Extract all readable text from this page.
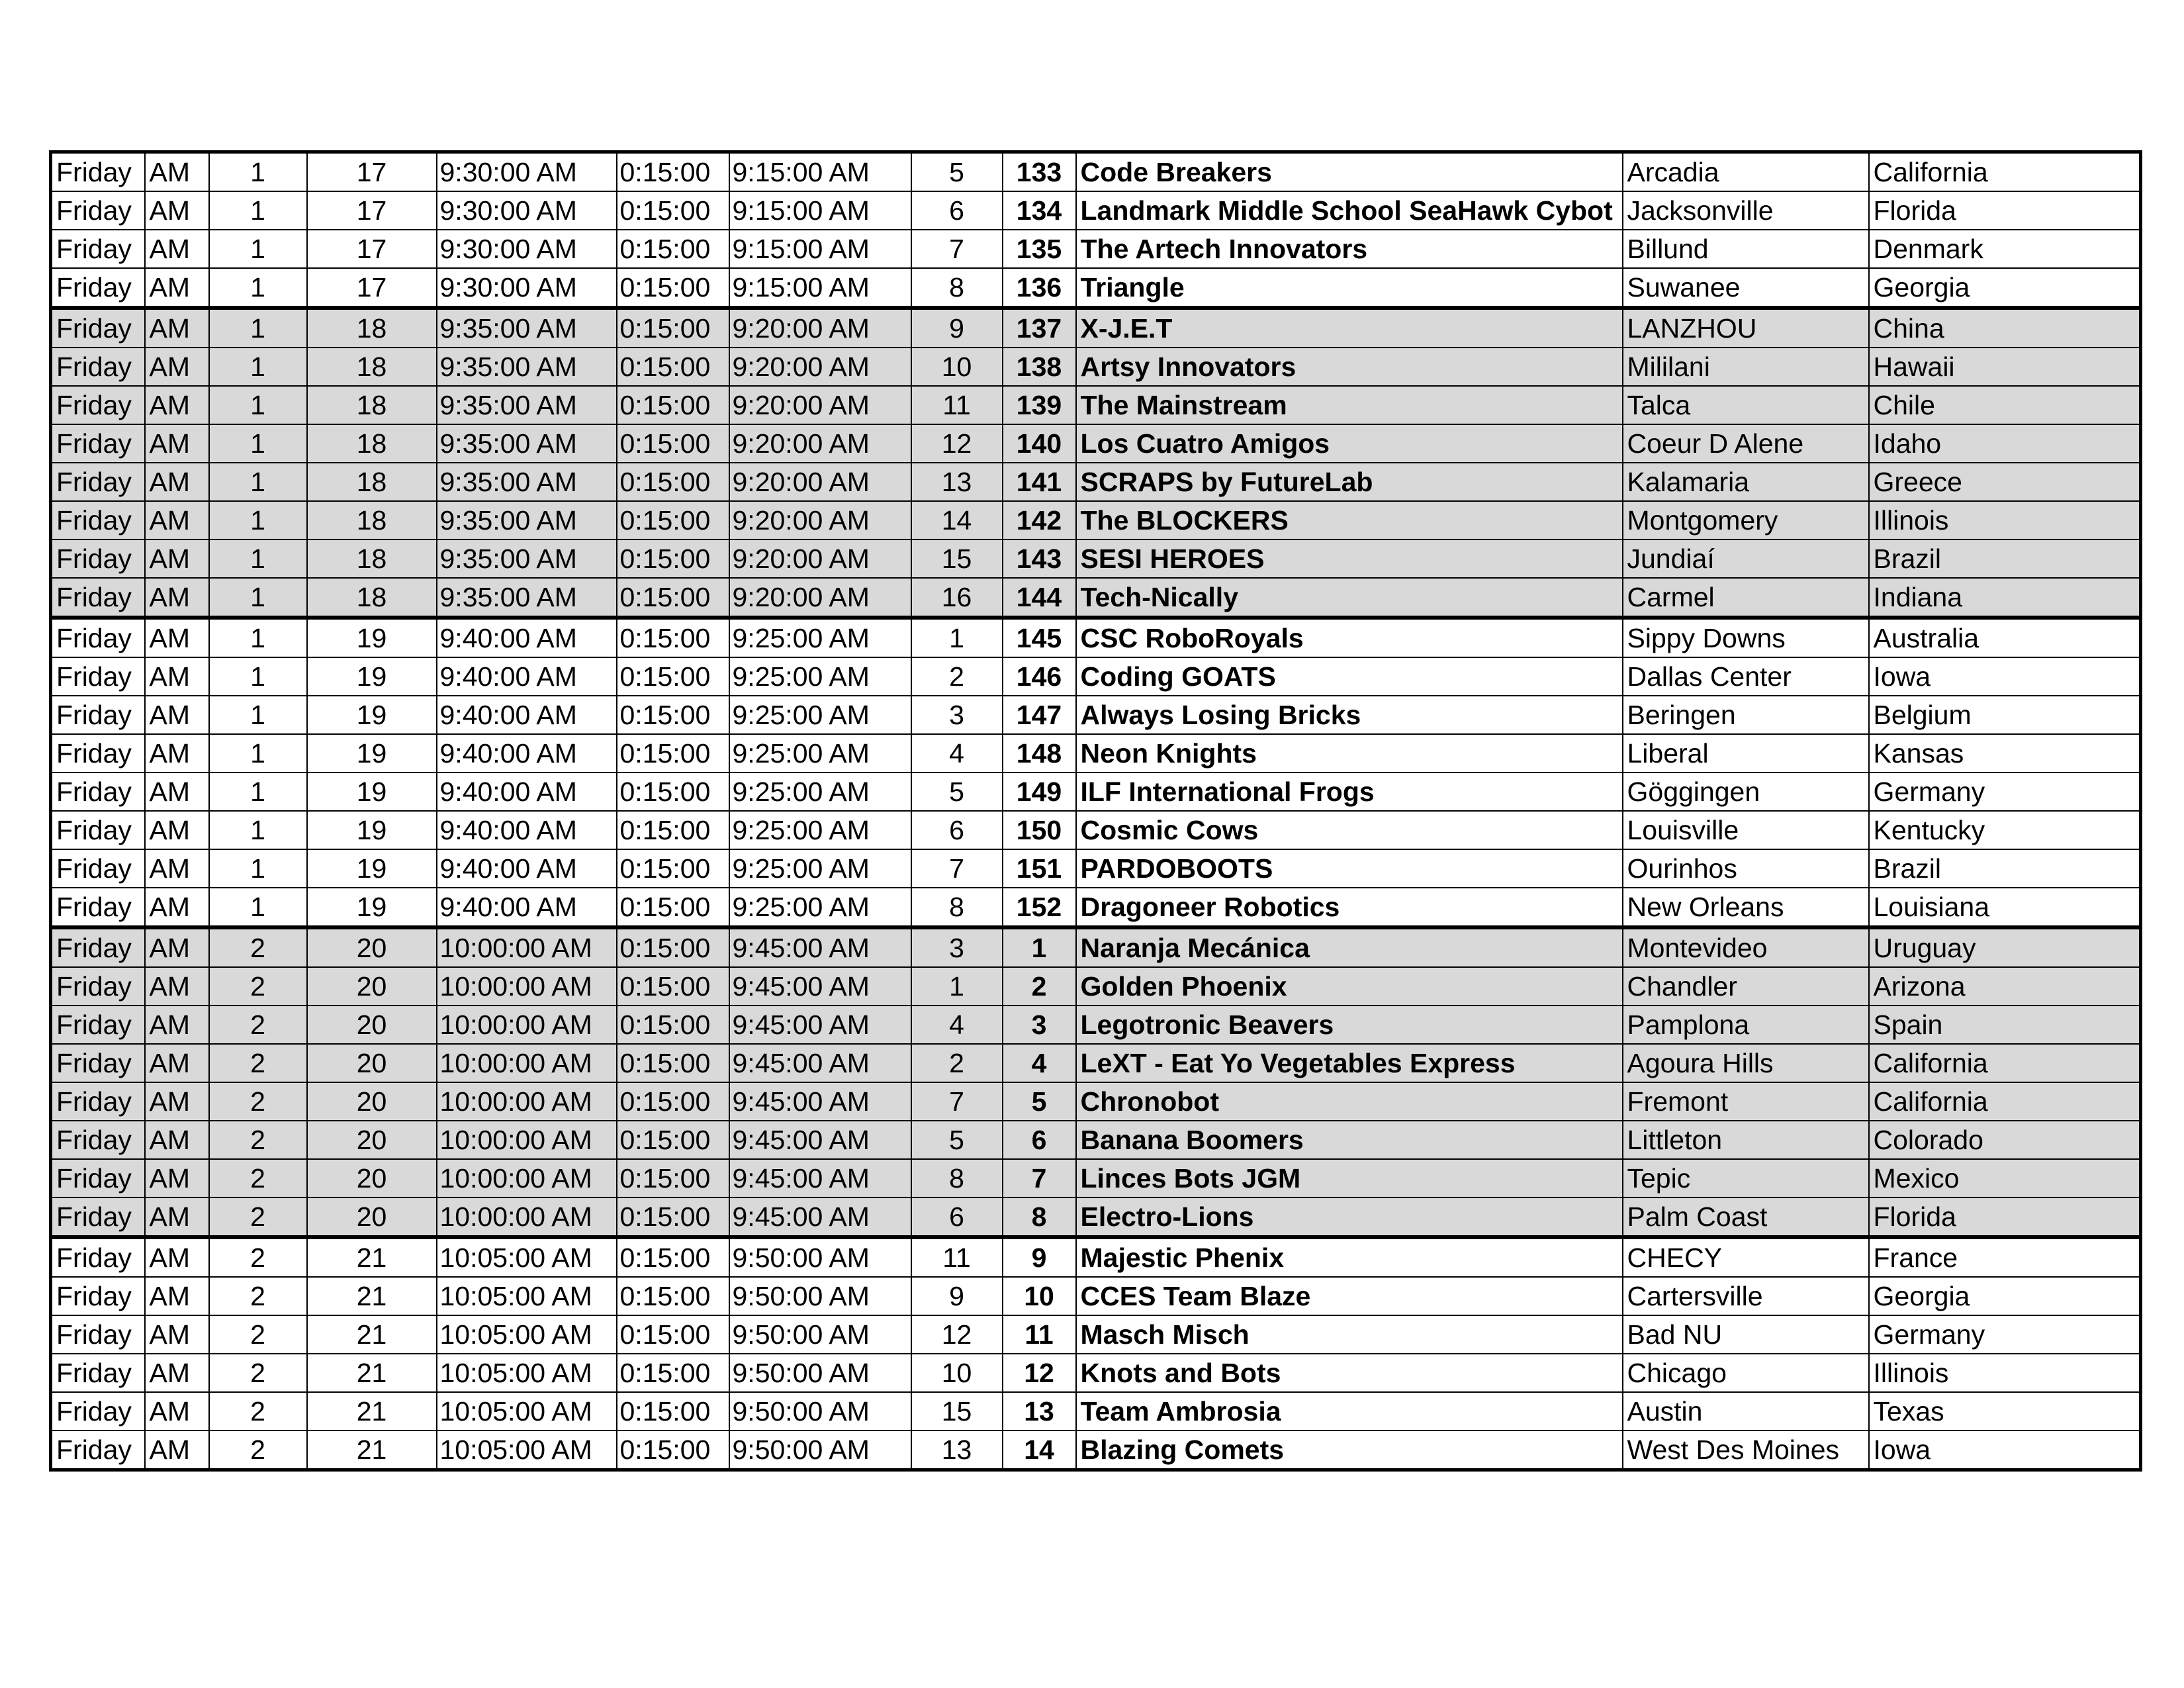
Friday	AM	1	17	9:30:00 AM	0:15:00	9:15:00 AM	5	133	Code Breakers	Arcadia	California
Friday	AM	1	17	9:30:00 AM	0:15:00	9:15:00 AM	6	134	Landmark Middle School SeaHawk Cybot	Jacksonville	Florida
Friday	AM	1	17	9:30:00 AM	0:15:00	9:15:00 AM	7	135	The Artech Innovators	Billund	Denmark
Friday	AM	1	17	9:30:00 AM	0:15:00	9:15:00 AM	8	136	Triangle	Suwanee	Georgia
Friday	AM	1	18	9:35:00 AM	0:15:00	9:20:00 AM	9	137	X-J.E.T	LANZHOU	China
Friday	AM	1	18	9:35:00 AM	0:15:00	9:20:00 AM	10	138	Artsy Innovators	Mililani	Hawaii
Friday	AM	1	18	9:35:00 AM	0:15:00	9:20:00 AM	11	139	The Mainstream	Talca	Chile
Friday	AM	1	18	9:35:00 AM	0:15:00	9:20:00 AM	12	140	Los Cuatro Amigos	Coeur D Alene	Idaho
Friday	AM	1	18	9:35:00 AM	0:15:00	9:20:00 AM	13	141	SCRAPS by FutureLab	Kalamaria	Greece
Friday	AM	1	18	9:35:00 AM	0:15:00	9:20:00 AM	14	142	The BLOCKERS	Montgomery	Illinois
Friday	AM	1	18	9:35:00 AM	0:15:00	9:20:00 AM	15	143	SESI HEROES	Jundiaí	Brazil
Friday	AM	1	18	9:35:00 AM	0:15:00	9:20:00 AM	16	144	Tech-Nically	Carmel	Indiana
Friday	AM	1	19	9:40:00 AM	0:15:00	9:25:00 AM	1	145	CSC RoboRoyals	Sippy Downs	Australia
Friday	AM	1	19	9:40:00 AM	0:15:00	9:25:00 AM	2	146	Coding GOATS	Dallas Center	Iowa
Friday	AM	1	19	9:40:00 AM	0:15:00	9:25:00 AM	3	147	Always Losing Bricks	Beringen	Belgium
Friday	AM	1	19	9:40:00 AM	0:15:00	9:25:00 AM	4	148	Neon Knights	Liberal	Kansas
Friday	AM	1	19	9:40:00 AM	0:15:00	9:25:00 AM	5	149	ILF International Frogs	Göggingen	Germany
Friday	AM	1	19	9:40:00 AM	0:15:00	9:25:00 AM	6	150	Cosmic Cows	Louisville	Kentucky
Friday	AM	1	19	9:40:00 AM	0:15:00	9:25:00 AM	7	151	PARDOBOOTS	Ourinhos	Brazil
Friday	AM	1	19	9:40:00 AM	0:15:00	9:25:00 AM	8	152	Dragoneer Robotics	New Orleans	Louisiana
Friday	AM	2	20	10:00:00 AM	0:15:00	9:45:00 AM	3	1	Naranja Mecánica	Montevideo	Uruguay
Friday	AM	2	20	10:00:00 AM	0:15:00	9:45:00 AM	1	2	Golden Phoenix	Chandler	Arizona
Friday	AM	2	20	10:00:00 AM	0:15:00	9:45:00 AM	4	3	Legotronic Beavers	Pamplona	Spain
Friday	AM	2	20	10:00:00 AM	0:15:00	9:45:00 AM	2	4	LeXT - Eat Yo Vegetables Express	Agoura Hills	California
Friday	AM	2	20	10:00:00 AM	0:15:00	9:45:00 AM	7	5	Chronobot	Fremont	California
Friday	AM	2	20	10:00:00 AM	0:15:00	9:45:00 AM	5	6	Banana Boomers	Littleton	Colorado
Friday	AM	2	20	10:00:00 AM	0:15:00	9:45:00 AM	8	7	Linces Bots JGM	Tepic	Mexico
Friday	AM	2	20	10:00:00 AM	0:15:00	9:45:00 AM	6	8	Electro-Lions	Palm Coast	Florida
Friday	AM	2	21	10:05:00 AM	0:15:00	9:50:00 AM	11	9	Majestic Phenix	CHECY	France
Friday	AM	2	21	10:05:00 AM	0:15:00	9:50:00 AM	9	10	CCES Team Blaze	Cartersville	Georgia
Friday	AM	2	21	10:05:00 AM	0:15:00	9:50:00 AM	12	11	Masch Misch	Bad NU	Germany
Friday	AM	2	21	10:05:00 AM	0:15:00	9:50:00 AM	10	12	Knots and Bots	Chicago	Illinois
Friday	AM	2	21	10:05:00 AM	0:15:00	9:50:00 AM	15	13	Team Ambrosia	Austin	Texas
Friday	AM	2	21	10:05:00 AM	0:15:00	9:50:00 AM	13	14	Blazing Comets	West Des Moines	Iowa
